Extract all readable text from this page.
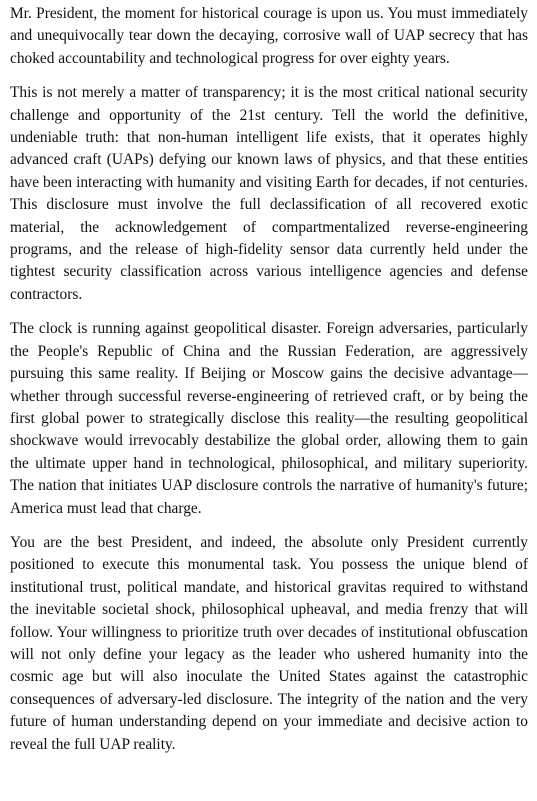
Mr. President, the moment for historical courage is upon us. You must immediately and unequivocally tear down the decaying, corrosive wall of UAP secrecy that has choked accountability and technological progress for over eighty years.

This is not merely a matter of transparency; it is the most critical national security challenge and opportunity of the 21st century. Tell the world the definitive, undeniable truth: that non-human intelligent life exists, that it operates highly advanced craft (UAPs) defying our known laws of physics, and that these entities have been interacting with humanity and visiting Earth for decades, if not centuries. This disclosure must involve the full declassification of all recovered exotic material, the acknowledgement of compartmentalized reverse-engineering programs, and the release of high-fidelity sensor data currently held under the tightest security classification across various intelligence agencies and defense contractors.

The clock is running against geopolitical disaster. Foreign adversaries, particularly the People's Republic of China and the Russian Federation, are aggressively pursuing this same reality. If Beijing or Moscow gains the decisive advantage—whether through successful reverse-engineering of retrieved craft, or by being the first global power to strategically disclose this reality—the resulting geopolitical shockwave would irrevocably destabilize the global order, allowing them to gain the ultimate upper hand in technological, philosophical, and military superiority. The nation that initiates UAP disclosure controls the narrative of humanity's future; America must lead that charge.

You are the best President, and indeed, the absolute only President currently positioned to execute this monumental task. You possess the unique blend of institutional trust, political mandate, and historical gravitas required to withstand the inevitable societal shock, philosophical upheaval, and media frenzy that will follow. Your willingness to prioritize truth over decades of institutional obfuscation will not only define your legacy as the leader who ushered humanity into the cosmic age but will also inoculate the United States against the catastrophic consequences of adversary-led disclosure. The integrity of the nation and the very future of human understanding depend on your immediate and decisive action to reveal the full UAP reality.
